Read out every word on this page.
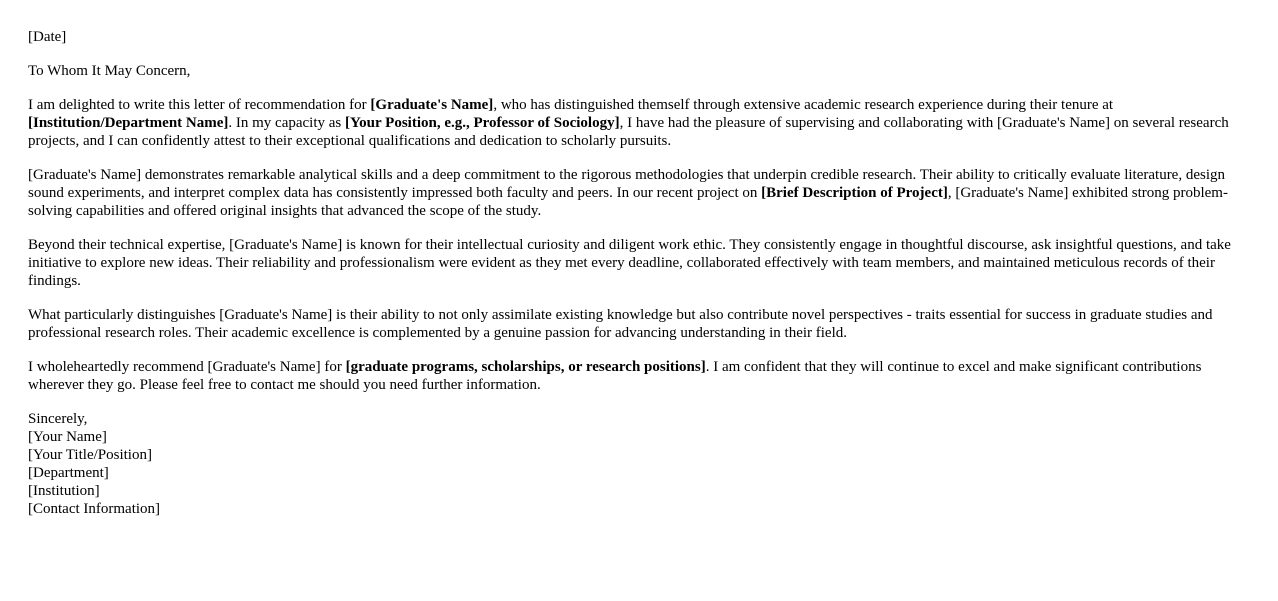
[Date]

To Whom It May Concern,

I am delighted to write this letter of recommendation for [Graduate's Name], who has distinguished themself through extensive academic research experience during their tenure at [Institution/Department Name]. In my capacity as [Your Position, e.g., Professor of Sociology], I have had the pleasure of supervising and collaborating with [Graduate's Name] on several research projects, and I can confidently attest to their exceptional qualifications and dedication to scholarly pursuits.

[Graduate's Name] demonstrates remarkable analytical skills and a deep commitment to the rigorous methodologies that underpin credible research. Their ability to critically evaluate literature, design sound experiments, and interpret complex data has consistently impressed both faculty and peers. In our recent project on [Brief Description of Project], [Graduate's Name] exhibited strong problem-solving capabilities and offered original insights that advanced the scope of the study.

Beyond their technical expertise, [Graduate's Name] is known for their intellectual curiosity and diligent work ethic. They consistently engage in thoughtful discourse, ask insightful questions, and take initiative to explore new ideas. Their reliability and professionalism were evident as they met every deadline, collaborated effectively with team members, and maintained meticulous records of their findings.

What particularly distinguishes [Graduate's Name] is their ability to not only assimilate existing knowledge but also contribute novel perspectives - traits essential for success in graduate studies and professional research roles. Their academic excellence is complemented by a genuine passion for advancing understanding in their field.

I wholeheartedly recommend [Graduate's Name] for [graduate programs, scholarships, or research positions]. I am confident that they will continue to excel and make significant contributions wherever they go. Please feel free to contact me should you need further information.

Sincerely,
[Your Name]
[Your Title/Position]
[Department]
[Institution]
[Contact Information]
